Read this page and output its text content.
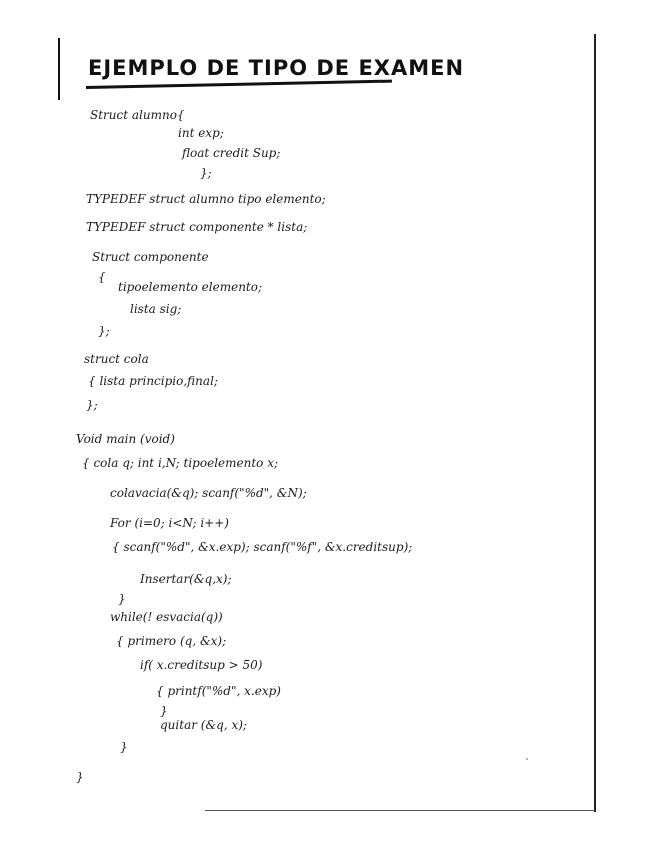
EJEMPLO DE TIPO DE EXAMEN
Struct alumno{
int exp;
float credit Sup;
};
TYPEDEF struct alumno tipo elemento;
TYPEDEF struct componente * lista;
Struct componente
{
tipoelemento elemento;
lista sig;
};
struct cola
{ lista principio,final;
};
Void main (void)
{ cola q; int i,N; tipoelemento x;
colavacia(&q); scanf("%d", &N);
For (i=0; i<N; i++)
{ scanf("%d", &x.exp); scanf("%f", &x.creditsup);
Insertar(&q,x);
}
while(! esvacia(q))
{ primero (q, &x);
if( x.creditsup > 50)
{ printf("%d", x.exp)
}
quitar (&q, x);
}
}
